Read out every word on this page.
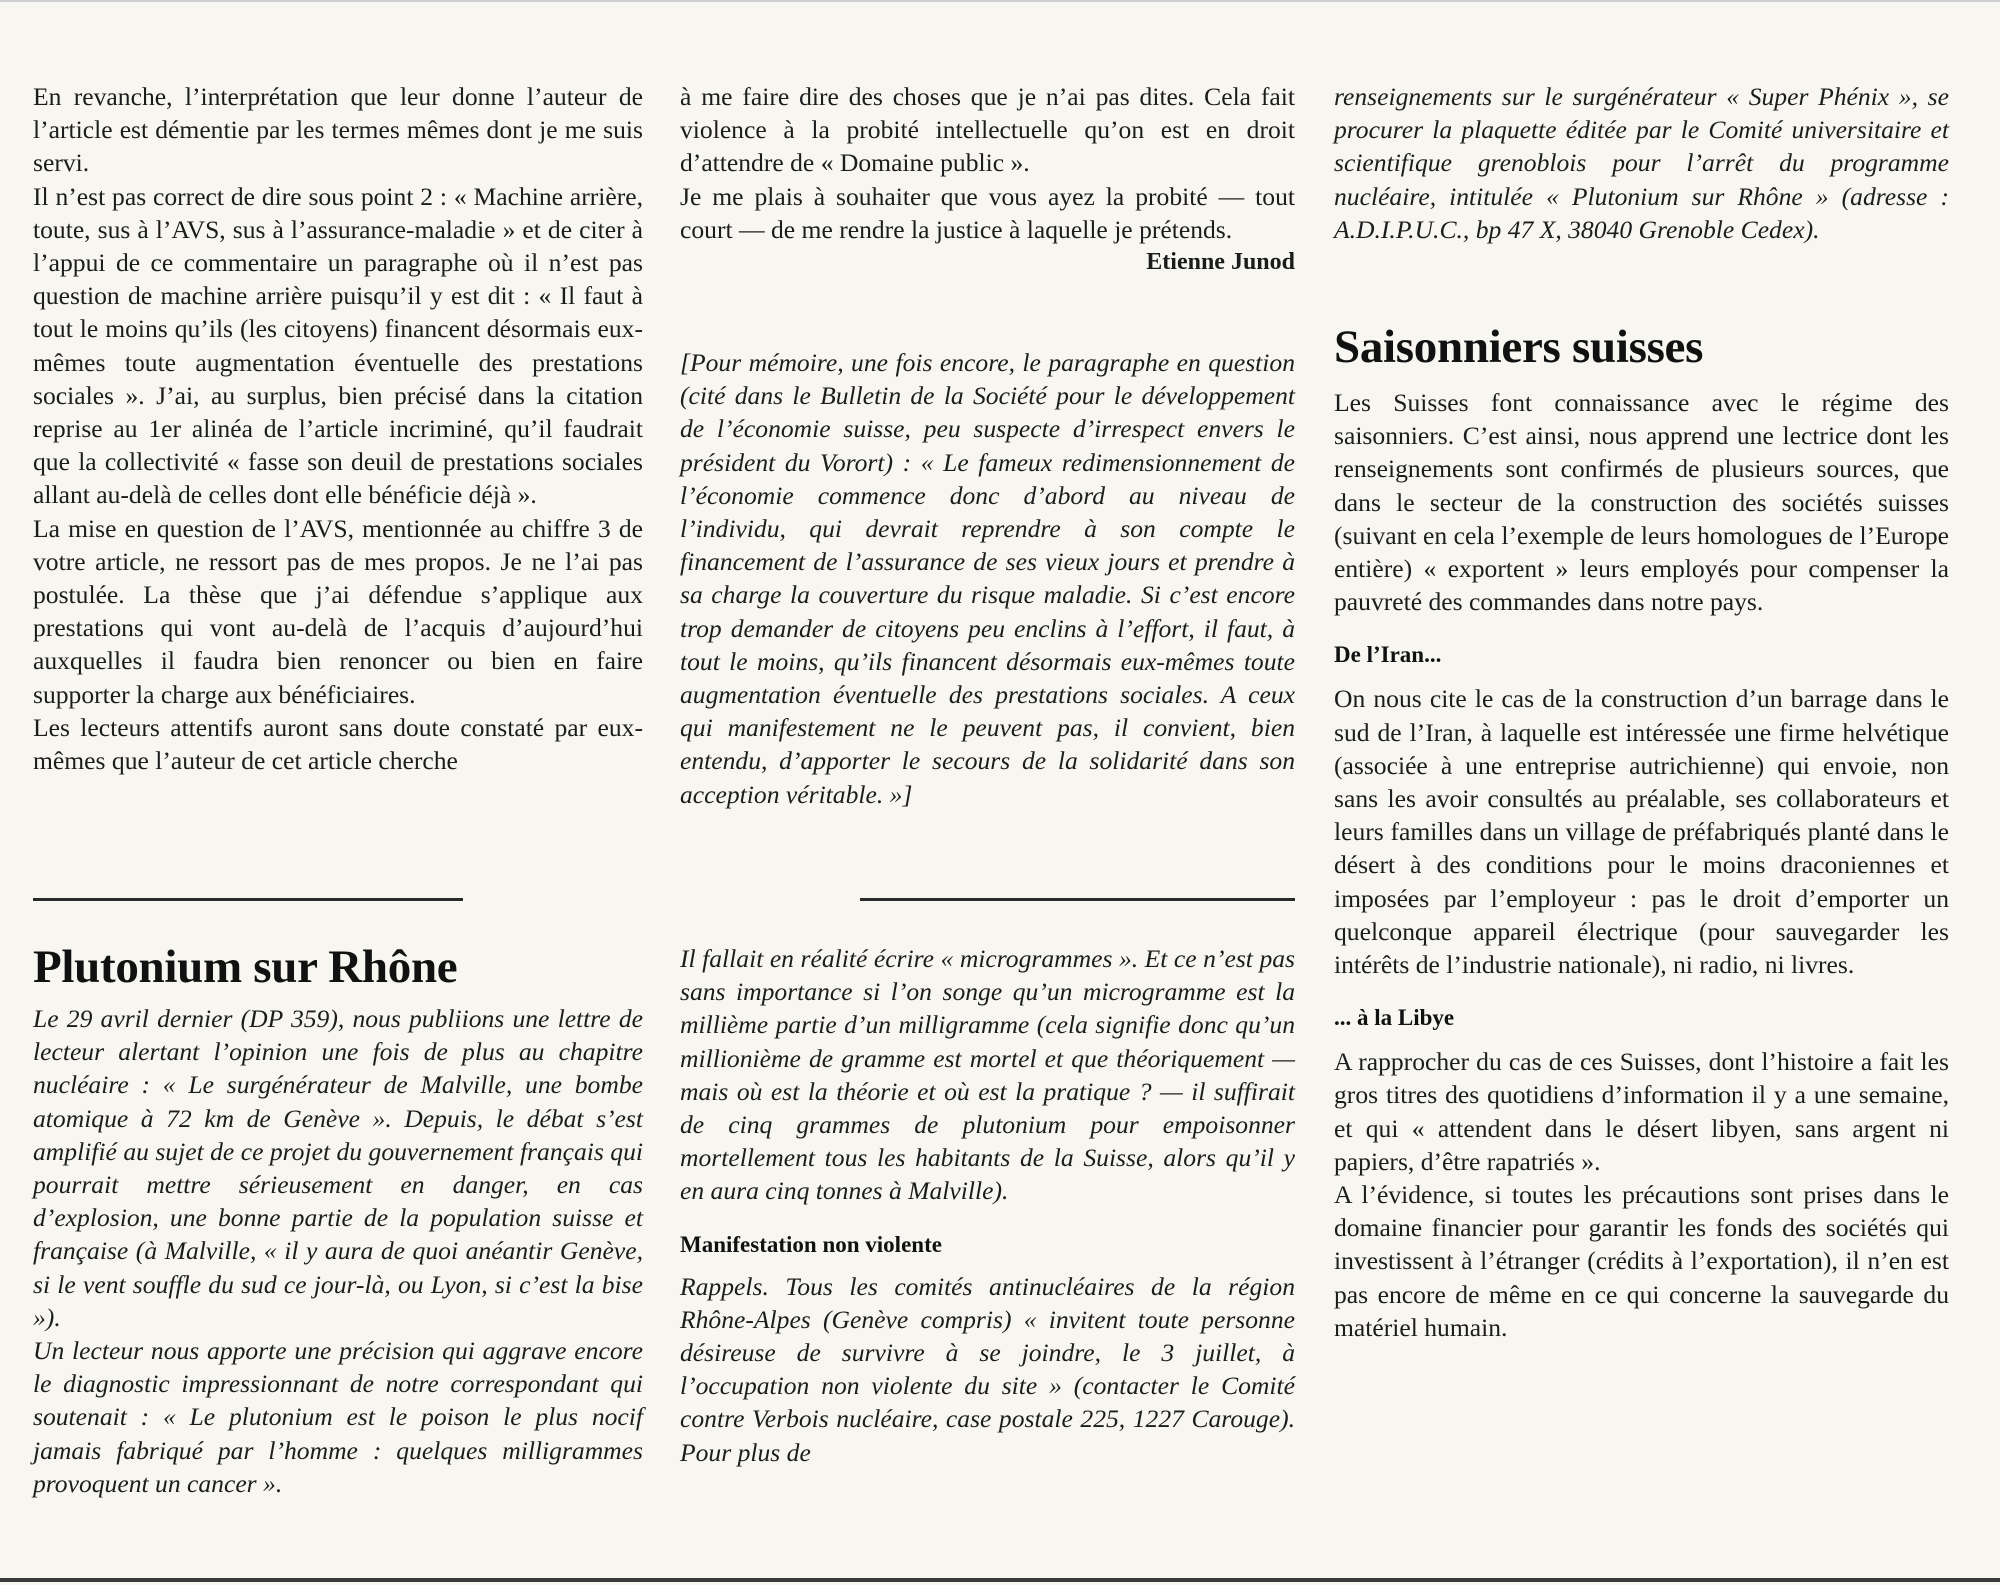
En revanche, l’interprétation que leur donne l’auteur de l’article est démentie par les termes mêmes dont je me suis servi.

Il n’est pas correct de dire sous point 2 : « Machine arrière, toute, sus à l’AVS, sus à l’assurance-maladie » et de citer à l’appui de ce commentaire un paragraphe où il n’est pas question de machine arrière puisqu’il y est dit : « Il faut à tout le moins qu’ils (les citoyens) financent désormais eux-mêmes toute augmentation éventuelle des prestations sociales ». J’ai, au surplus, bien précisé dans la citation reprise au 1er alinéa de l’article incriminé, qu’il faudrait que la collectivité « fasse son deuil de prestations sociales allant au-delà de celles dont elle bénéficie déjà ».

La mise en question de l’AVS, mentionnée au chiffre 3 de votre article, ne ressort pas de mes propos. Je ne l’ai pas postulée. La thèse que j’ai défendue s’applique aux prestations qui vont au-delà de l’acquis d’aujourd’hui auxquelles il faudra bien renoncer ou bien en faire supporter la charge aux bénéficiaires.

Les lecteurs attentifs auront sans doute constaté par eux-mêmes que l’auteur de cet article cherche

Plutonium sur Rhône

Le 29 avril dernier (DP 359), nous publiions une lettre de lecteur alertant l’opinion une fois de plus au chapitre nucléaire : « Le surgénérateur de Malville, une bombe atomique à 72 km de Genève ». Depuis, le débat s’est amplifié au sujet de ce projet du gouvernement français qui pourrait mettre sérieusement en danger, en cas d’explosion, une bonne partie de la population suisse et française (à Malville, « il y aura de quoi anéantir Genève, si le vent souffle du sud ce jour-là, ou Lyon, si c’est la bise »).

Un lecteur nous apporte une précision qui aggrave encore le diagnostic impressionnant de notre correspondant qui soutenait : « Le plutonium est le poison le plus nocif jamais fabriqué par l’homme : quelques milligrammes provoquent un cancer ».

à me faire dire des choses que je n’ai pas dites. Cela fait violence à la probité intellectuelle qu’on est en droit d’attendre de « Domaine public ».

Je me plais à souhaiter que vous ayez la probité — tout court — de me rendre la justice à laquelle je prétends.

Etienne Junod

[Pour mémoire, une fois encore, le paragraphe en question (cité dans le Bulletin de la Société pour le développement de l’économie suisse, peu suspecte d’irrespect envers le président du Vorort) : « Le fameux redimensionnement de l’économie commence donc d’abord au niveau de l’individu, qui devrait reprendre à son compte le financement de l’assurance de ses vieux jours et prendre à sa charge la couverture du risque maladie. Si c’est encore trop demander de citoyens peu enclins à l’effort, il faut, à tout le moins, qu’ils financent désormais eux-mêmes toute augmentation éventuelle des prestations sociales. A ceux qui manifestement ne le peuvent pas, il convient, bien entendu, d’apporter le secours de la solidarité dans son acception véritable. »]

Il fallait en réalité écrire « microgrammes ». Et ce n’est pas sans importance si l’on songe qu’un microgramme est la millième partie d’un milligramme (cela signifie donc qu’un millionième de gramme est mortel et que théoriquement — mais où est la théorie et où est la pratique ? — il suffirait de cinq grammes de plutonium pour empoisonner mortellement tous les habitants de la Suisse, alors qu’il y en aura cinq tonnes à Malville).

Manifestation non violente

Rappels. Tous les comités antinucléaires de la région Rhône-Alpes (Genève compris) « invitent toute personne désireuse de survivre à se joindre, le 3 juillet, à l’occupation non violente du site » (contacter le Comité contre Verbois nucléaire, case postale 225, 1227 Carouge). Pour plus de

renseignements sur le surgénérateur « Super Phénix », se procurer la plaquette éditée par le Comité universitaire et scientifique grenoblois pour l’arrêt du programme nucléaire, intitulée « Plutonium sur Rhône » (adresse : A.D.I.P.U.C., bp 47 X, 38040 Grenoble Cedex).

Saisonniers suisses

Les Suisses font connaissance avec le régime des saisonniers. C’est ainsi, nous apprend une lectrice dont les renseignements sont confirmés de plusieurs sources, que dans le secteur de la construction des sociétés suisses (suivant en cela l’exemple de leurs homologues de l’Europe entière) « exportent » leurs employés pour compenser la pauvreté des commandes dans notre pays.

De l’Iran...

On nous cite le cas de la construction d’un barrage dans le sud de l’Iran, à laquelle est intéressée une firme helvétique (associée à une entreprise autrichienne) qui envoie, non sans les avoir consultés au préalable, ses collaborateurs et leurs familles dans un village de préfabriqués planté dans le désert à des conditions pour le moins draconiennes et imposées par l’employeur : pas le droit d’emporter un quelconque appareil électrique (pour sauvegarder les intérêts de l’industrie nationale), ni radio, ni livres.

... à la Libye

A rapprocher du cas de ces Suisses, dont l’histoire a fait les gros titres des quotidiens d’information il y a une semaine, et qui « attendent dans le désert libyen, sans argent ni papiers, d’être rapatriés ».

A l’évidence, si toutes les précautions sont prises dans le domaine financier pour garantir les fonds des sociétés qui investissent à l’étranger (crédits à l’exportation), il n’en est pas encore de même en ce qui concerne la sauvegarde du matériel humain.
